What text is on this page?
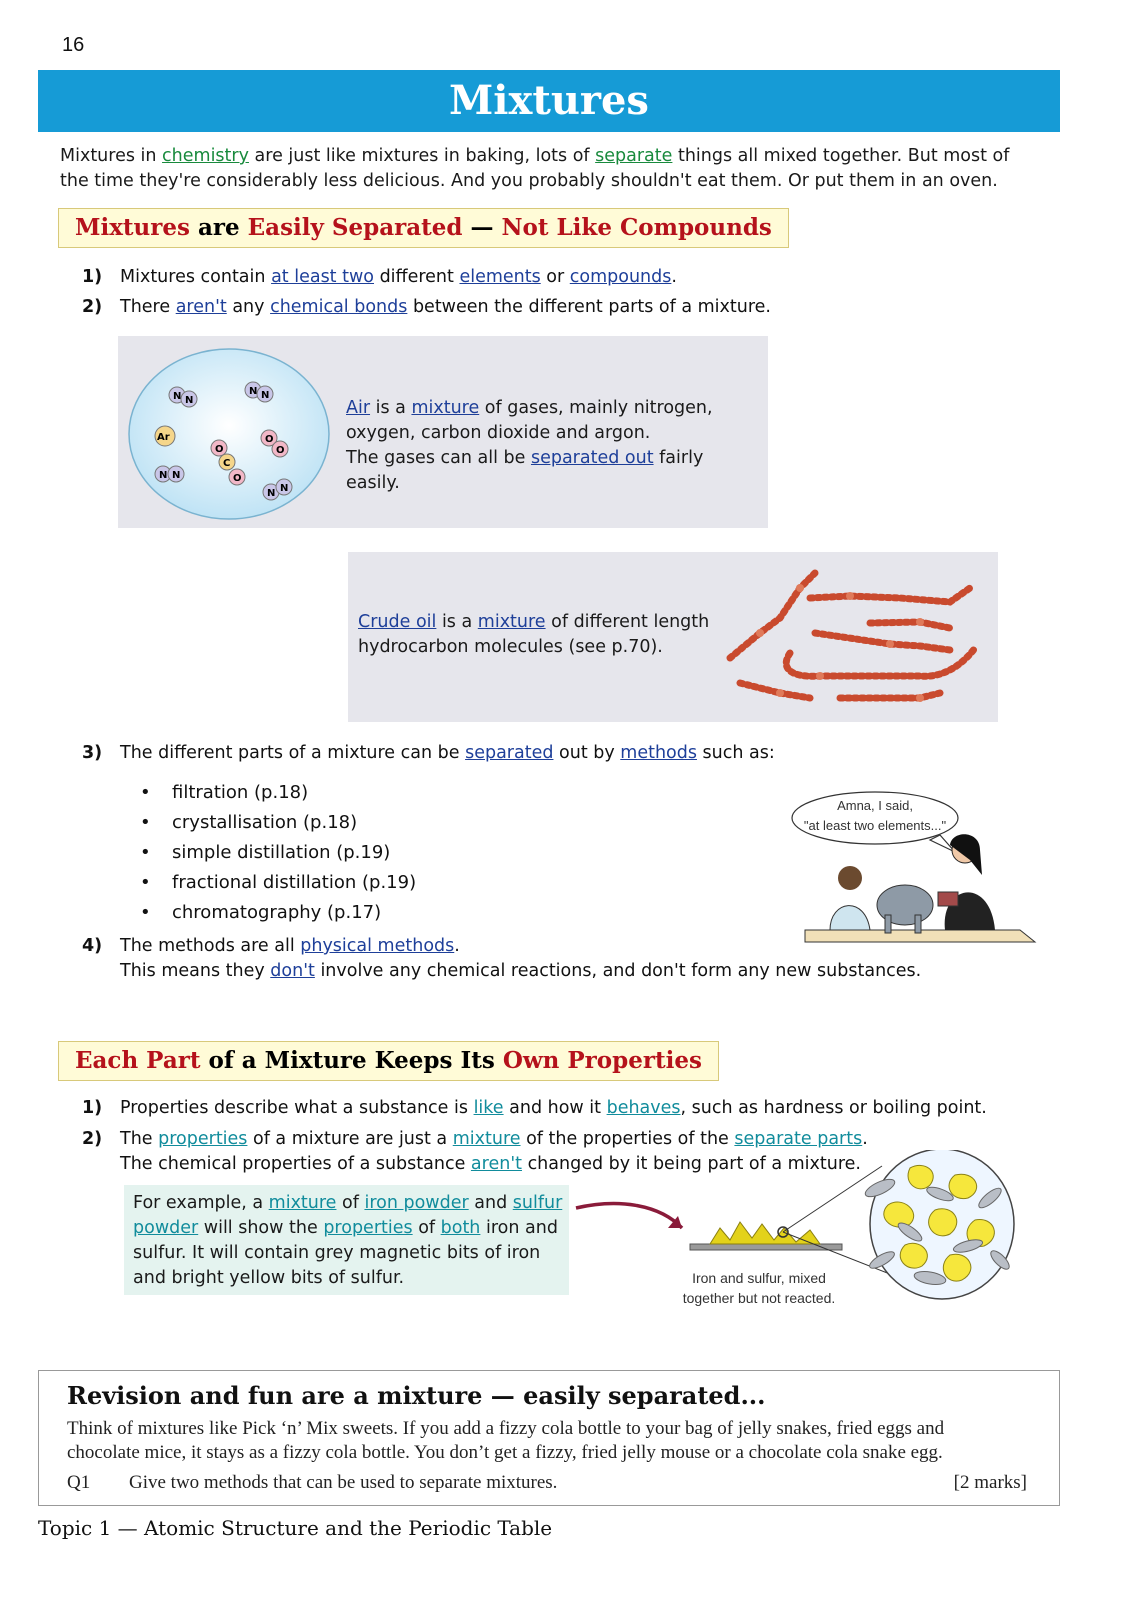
16
Mixtures
Mixtures in chemistry are just like mixtures in baking, lots of separate things all mixed together. But most of
the time they're considerably less delicious. And you probably shouldn't eat them. Or put them in an oven.
Mixtures are Easily Separated — Not Like Compounds
1)	Mixtures contain at least two different elements or compounds.
2)	There aren't any chemical bonds between the different parts of a mixture.
N N
N N
Ar	O
O
O
C
O
N N
N N
Air is a mixture of gases, mainly nitrogen,
oxygen, carbon dioxide and argon.
The gases can all be separated out fairly easily.
Crude oil is a mixture of different length
hydrocarbon molecules (see p.70).
3)	The different parts of a mixture can be separated out by methods such as:
•	filtration (p.18)
•	crystallisation (p.18)
•	simple distillation (p.19)
•	fractional distillation (p.19)
•	chromatography (p.17)
Amna, I said,
"at least two elements..."
4)	The methods are all physical methods.
This means they don't involve any chemical reactions, and don't form any new substances.
Each Part of a Mixture Keeps Its Own Properties
1)	Properties describe what a substance is like and how it behaves, such as hardness or boiling point.
2)	The properties of a mixture are just a mixture of the properties of the separate parts.
The chemical properties of a substance aren't changed by it being part of a mixture.
For example, a mixture of iron powder and sulfur
powder will show the properties of both iron and
sulfur. It will contain grey magnetic bits of iron
and bright yellow bits of sulfur.	Iron and sulfur, mixed
together but not reacted.
Revision and fun are a mixture — easily separated...
Think of mixtures like Pick ‘n’ Mix sweets. If you add a fizzy cola bottle to your bag of jelly snakes, fried eggs and
chocolate mice, it stays as a fizzy cola bottle. You don’t get a fizzy, fried jelly mouse or a chocolate cola snake egg.
Q1	Give two methods that can be used to separate mixtures.	[2 marks]
Topic 1 — Atomic Structure and the Periodic Table
